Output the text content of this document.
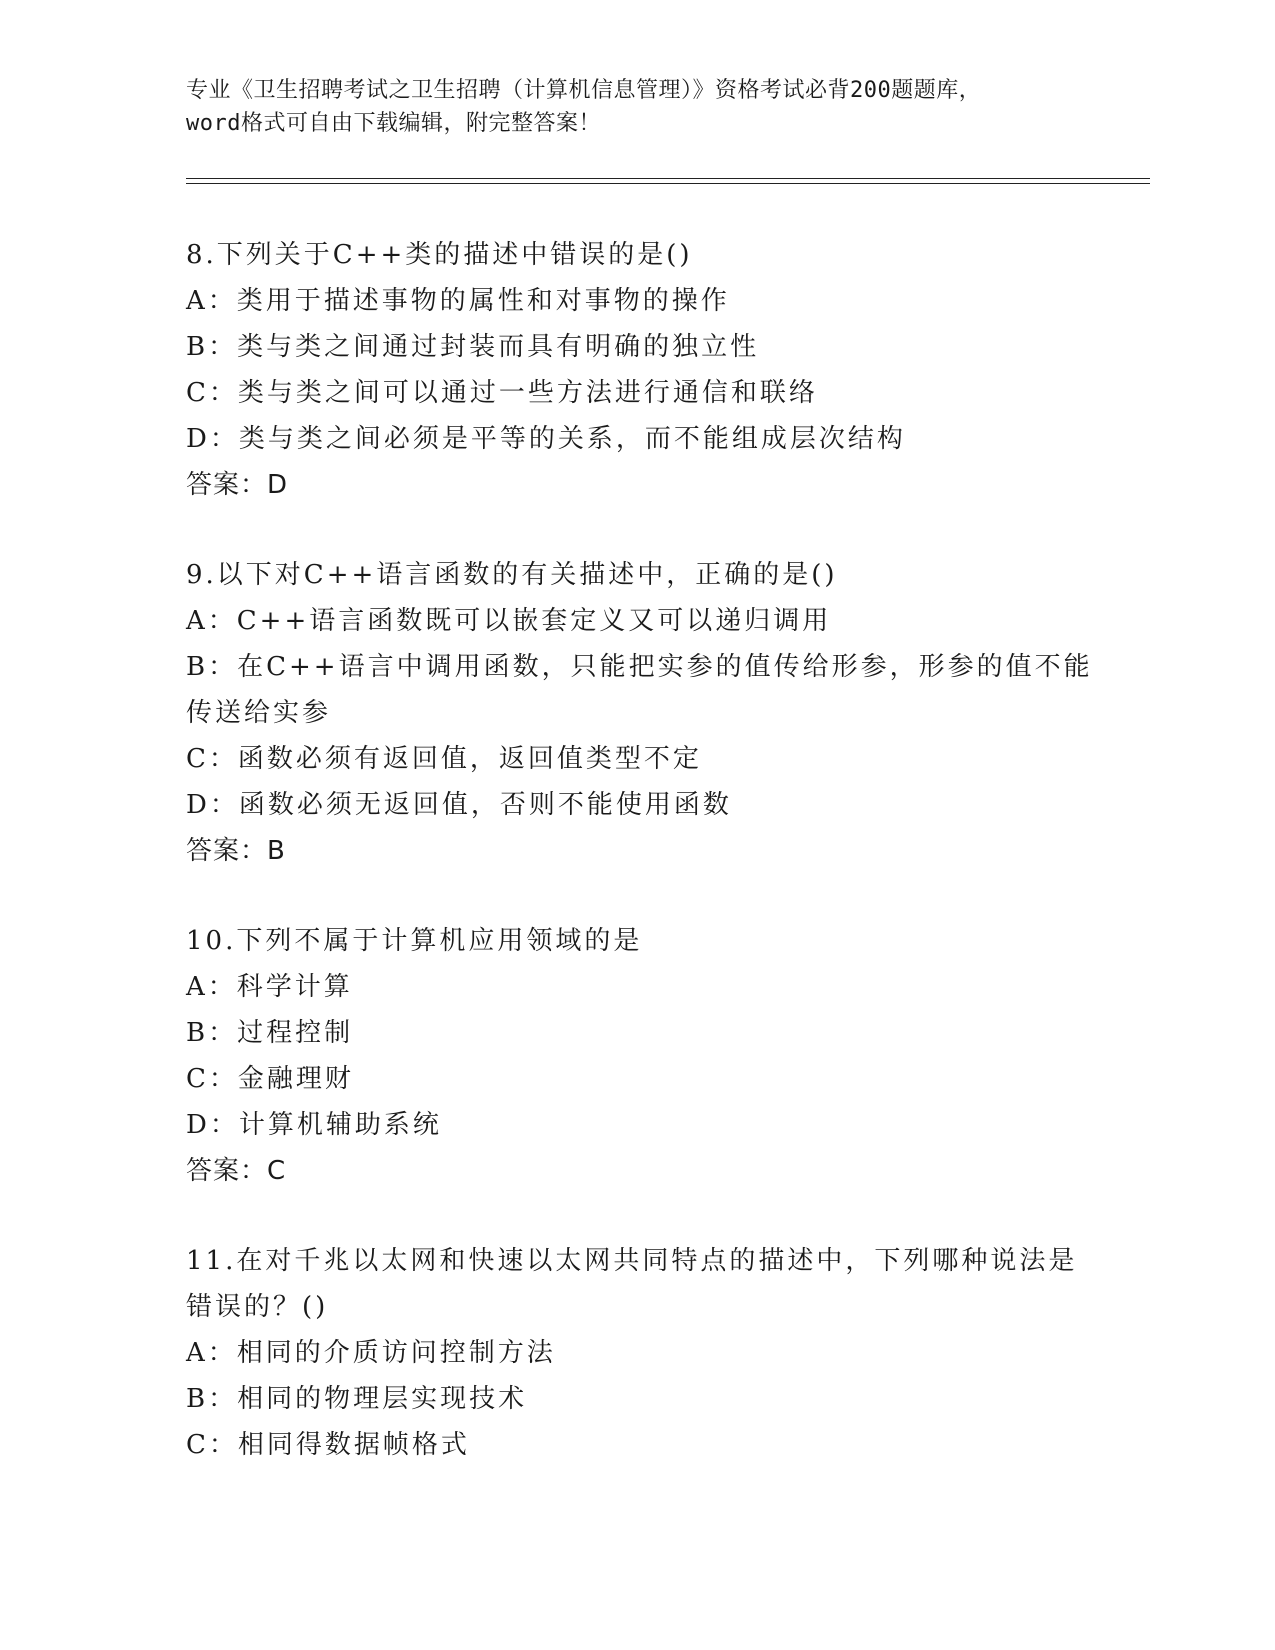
专业《卫生招聘考试之卫生招聘（计算机信息管理）》资格考试必背200题题库，
word格式可自由下载编辑，附完整答案！
8.下列关于C++类的描述中错误的是()
A：类用于描述事物的属性和对事物的操作
B：类与类之间通过封装而具有明确的独立性
C：类与类之间可以通过一些方法进行通信和联络
D：类与类之间必须是平等的关系，而不能组成层次结构
答案：D
9.以下对C++语言函数的有关描述中，正确的是()
A：C++语言函数既可以嵌套定义又可以递归调用
B：在C++语言中调用函数，只能把实参的值传给形参，形参的值不能
传送给实参
C：函数必须有返回值，返回值类型不定
D：函数必须无返回值，否则不能使用函数
答案：B
10.下列不属于计算机应用领域的是
A：科学计算
B：过程控制
C：金融理财
D：计算机辅助系统
答案：C
11.在对千兆以太网和快速以太网共同特点的描述中，下列哪种说法是
错误的？()
A：相同的介质访问控制方法
B：相同的物理层实现技术
C：相同得数据帧格式
